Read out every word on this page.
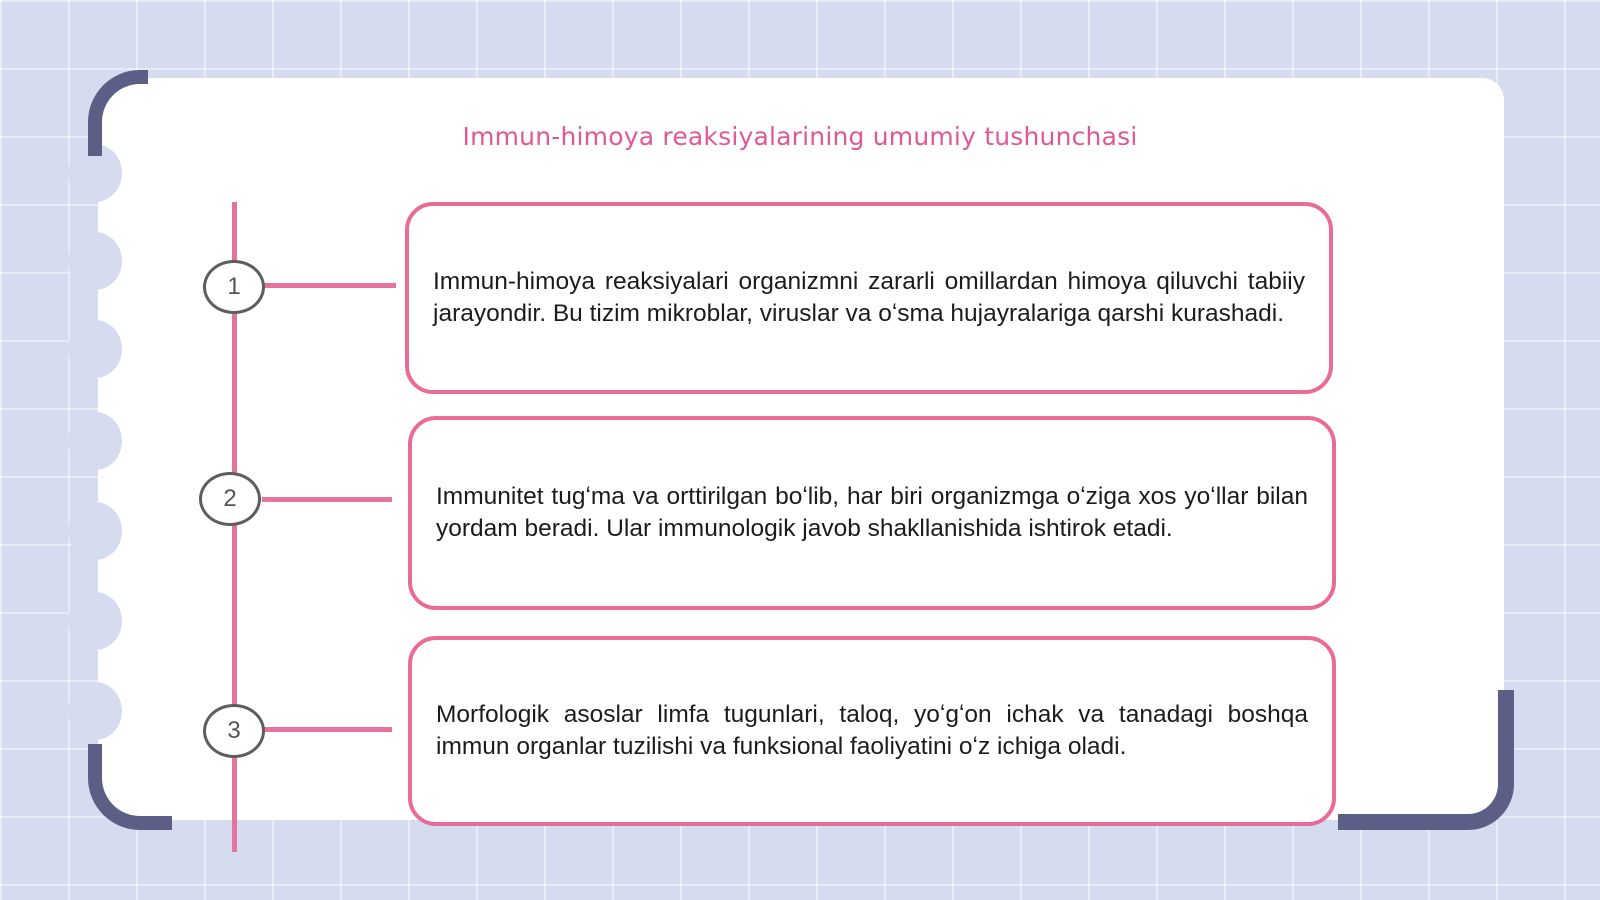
Immun-himoya reaksiyalarining umumiy tushunchasi
1	Immun-himoya reaksiyalari organizmni zararli omillardan himoya qiluvchi tabiiy jarayondir. Bu tizim mikroblar, viruslar va oʻsma hujayralariga qarshi kurashadi.

2	Immunitet tugʻma va orttirilgan boʻlib, har biri organizmga oʻziga xos yoʻllar bilan yordam beradi. Ular immunologik javob shakllanishida ishtirok etadi.

3

Morfologik asoslar limfa tugunlari, taloq, yoʻgʻon ichak va tanadagi boshqa immun organlar tuzilishi va funksional faoliyatini oʻz ichiga oladi.
